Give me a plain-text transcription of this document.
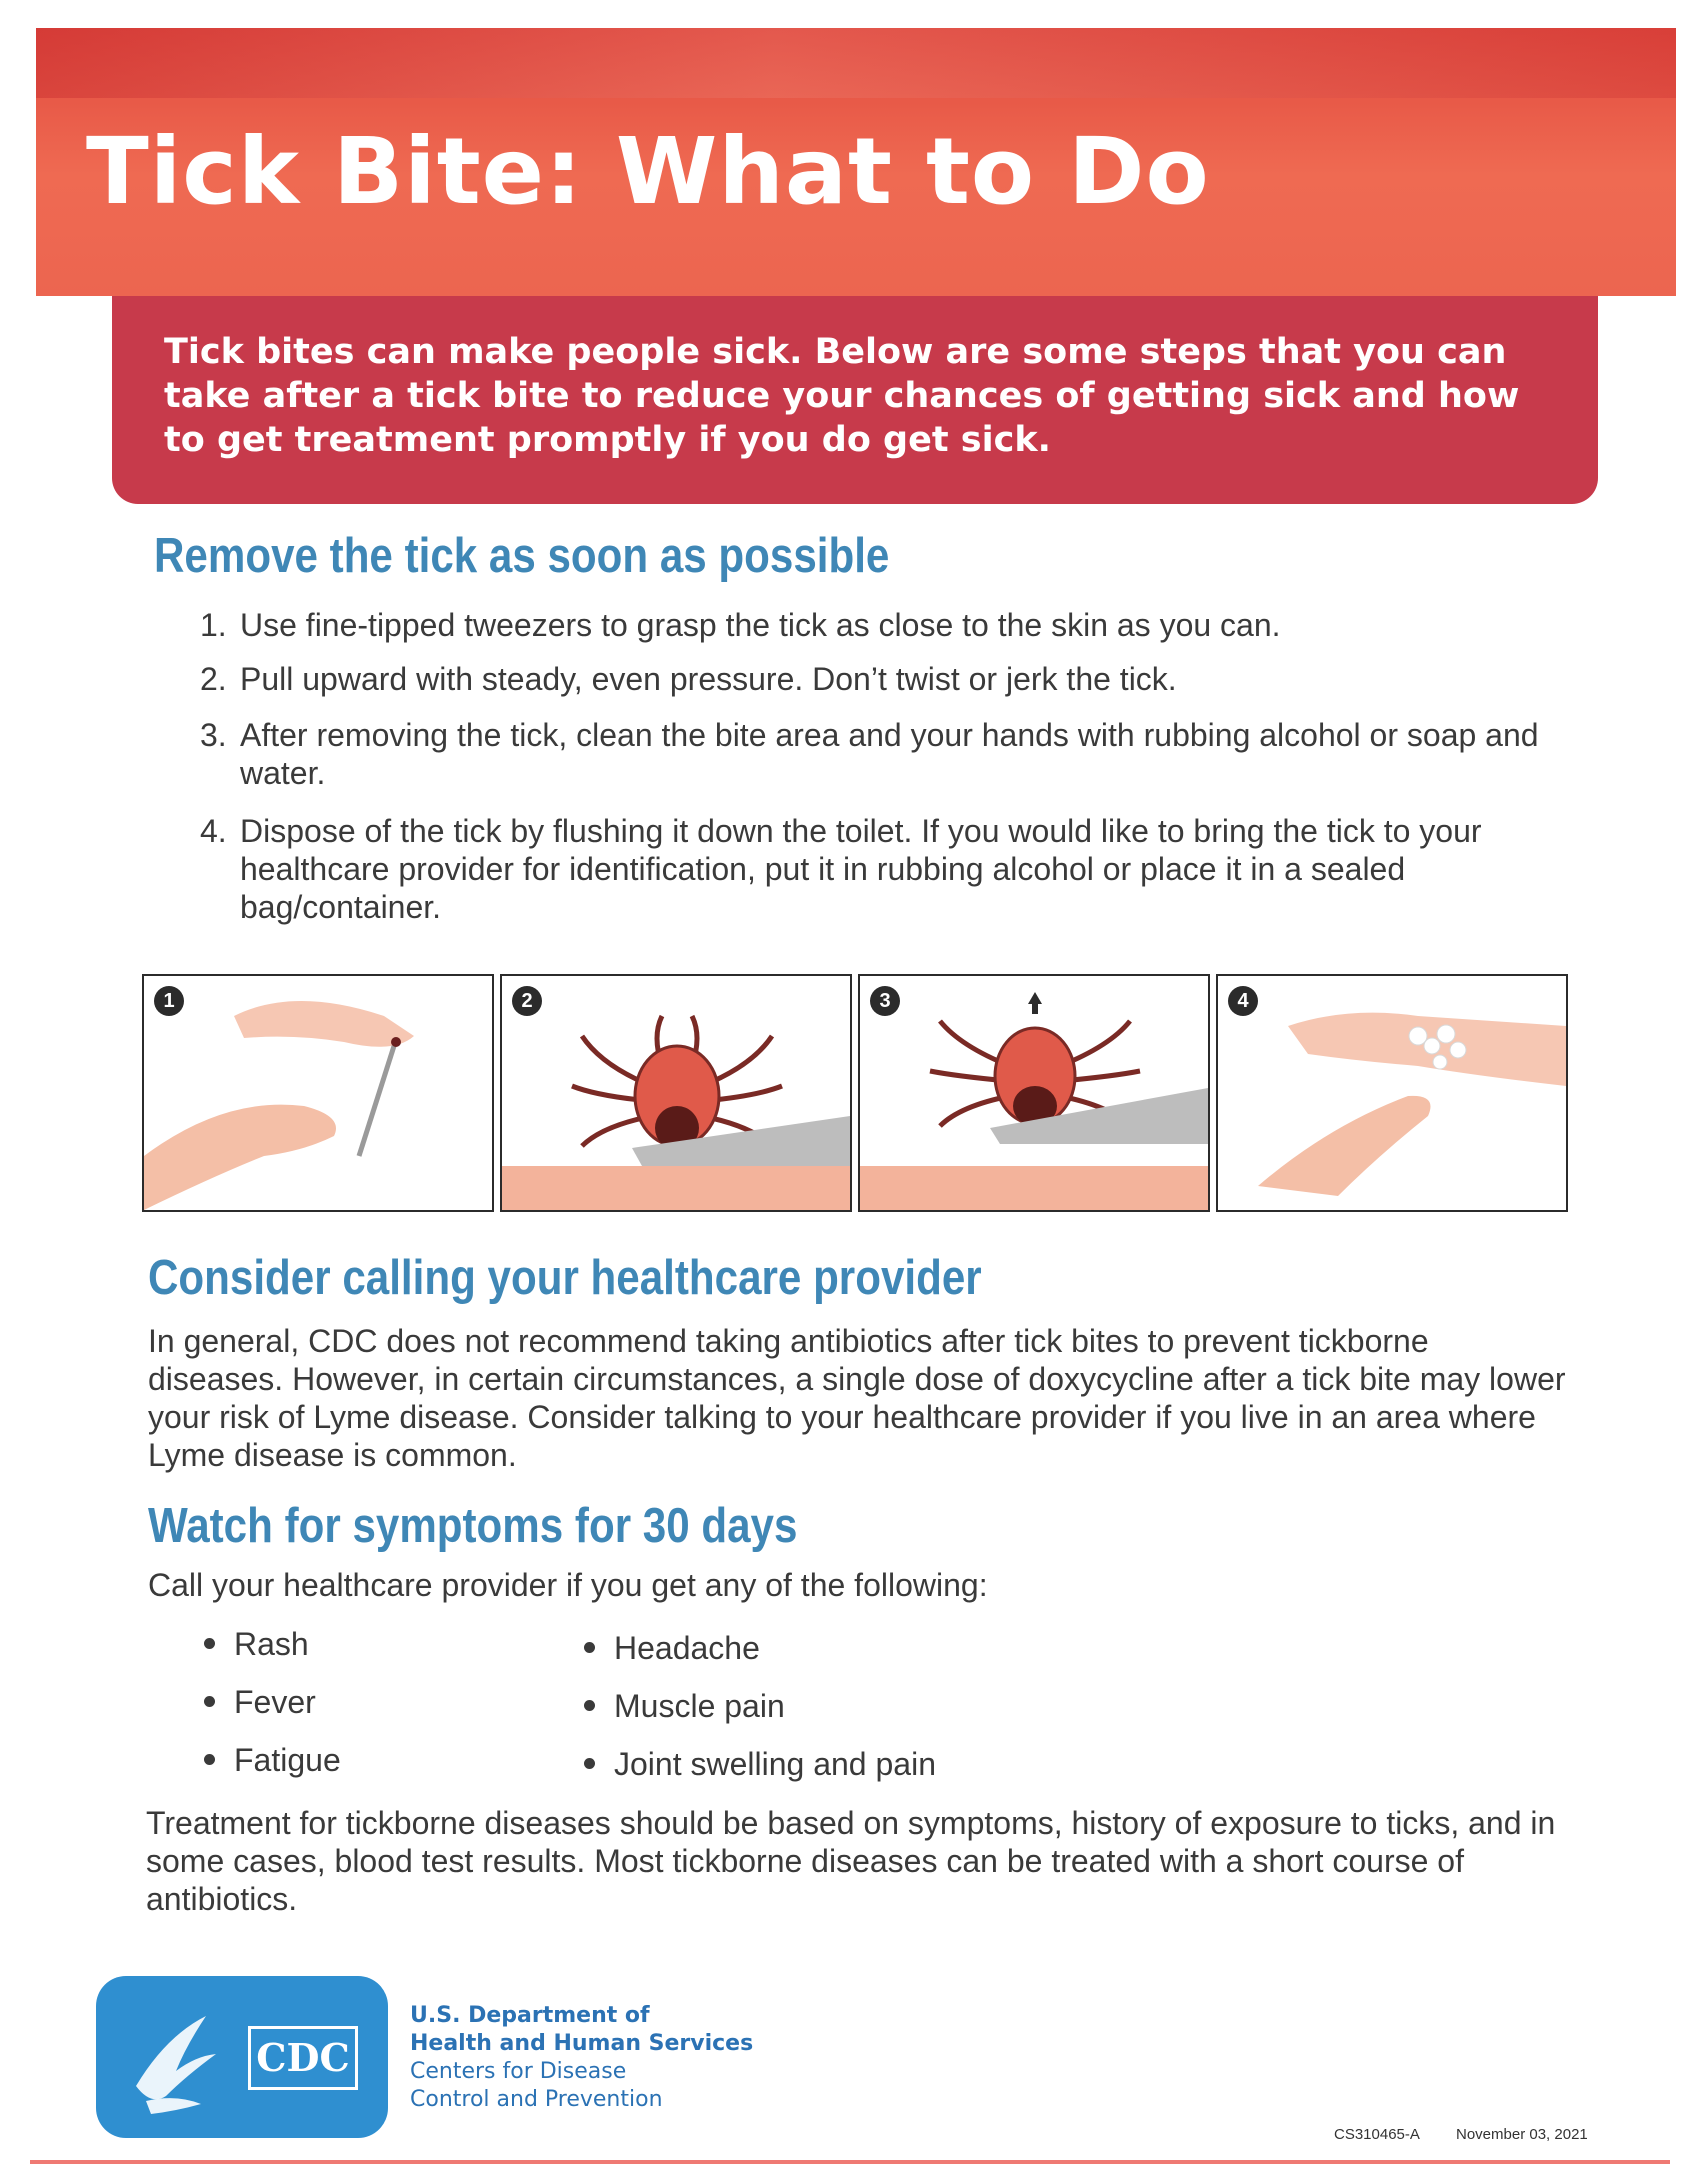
Tick Bite: What to Do

Tick bites can make people sick. Below are some steps that you can take after a tick bite to reduce your chances of getting sick and how to get treatment promptly if you do get sick.

Remove the tick as soon as possible
1. Use fine-tipped tweezers to grasp the tick as close to the skin as you can.
2. Pull upward with steady, even pressure. Don’t twist or jerk the tick.
3. After removing the tick, clean the bite area and your hands with rubbing alcohol or soap and water.
4. Dispose of the tick by flushing it down the toilet. If you would like to bring the tick to your healthcare provider for identification, put it in rubbing alcohol or place it in a sealed bag/container.
1	2	3	4
Consider calling your healthcare provider

In general, CDC does not recommend taking antibiotics after tick bites to prevent tickborne diseases. However, in certain circumstances, a single dose of doxycycline after a tick bite may lower your risk of Lyme disease. Consider talking to your healthcare provider if you live in an area where Lyme disease is common.

Watch for symptoms for 30 days

Call your healthcare provider if you get any of the following:

Rash
Fever
Fatigue
Headache
Muscle pain
Joint swelling and pain

Treatment for tickborne diseases should be based on symptoms, history of exposure to ticks, and in some cases, blood test results. Most tickborne diseases can be treated with a short course of antibiotics.

CDC
U.S. Department of
Health and Human Services
Centers for Disease
Control and Prevention
CS310465-A November 03, 2021
